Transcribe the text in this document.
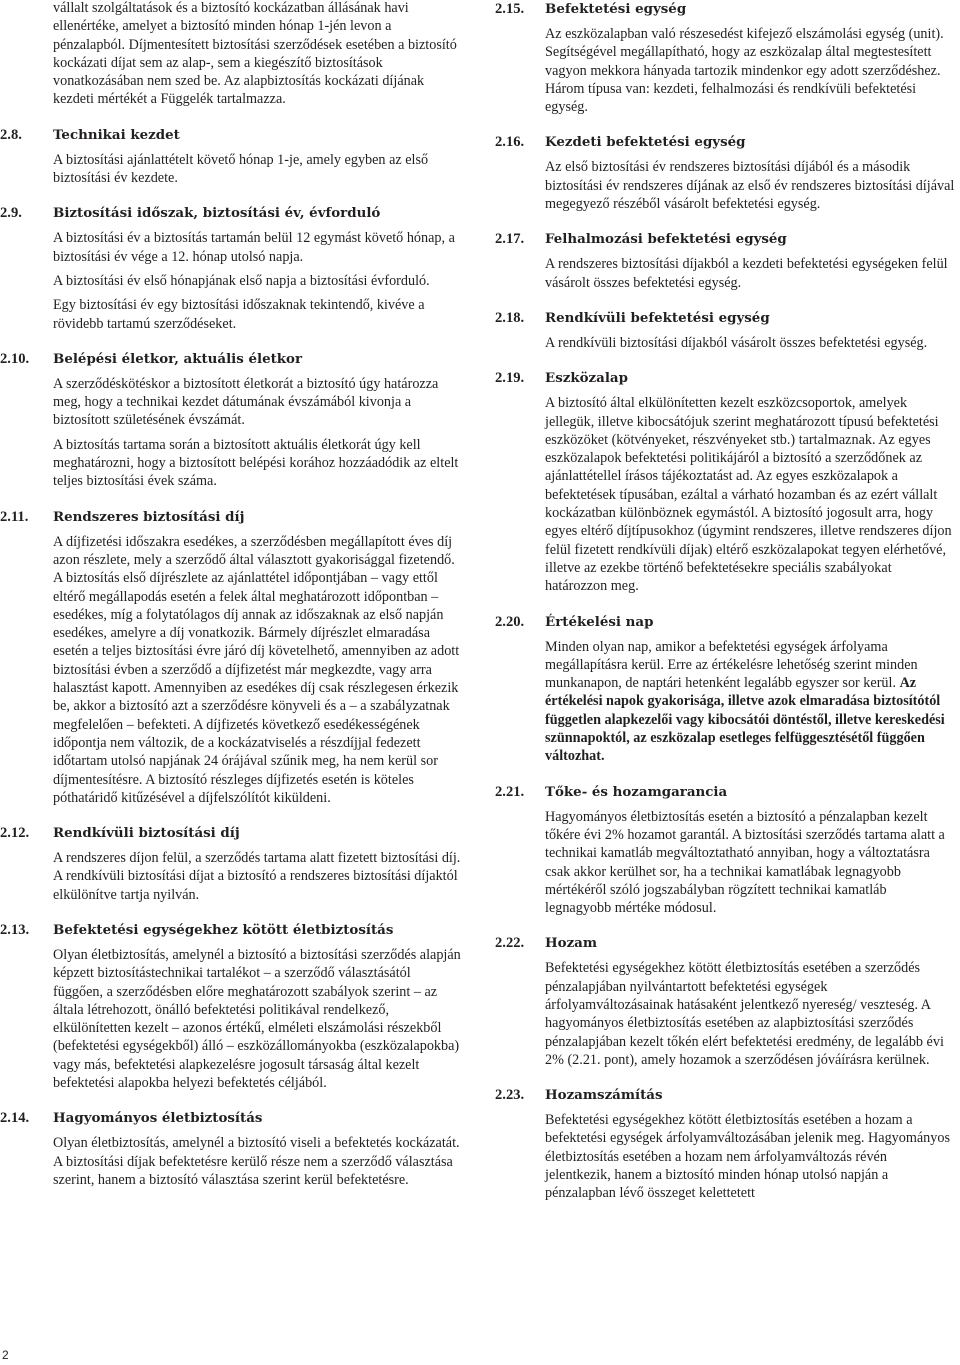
vállalt szolgáltatások és a biztosító kockázatban állásának havi ellenértéke, amelyet a biztosító minden hónap 1-jén levon a pénzalapból. Díjmentesített biztosítási szerződések esetében a biztosító kockázati díjat sem az alap-, sem a kiegészítő biztosítások vonatkozásában nem szed be. Az alapbiztosítás kockázati díjának kezdeti mértékét a Függelék tartalmazza.

2.8.	Technikai kezdet

A biztosítási ajánlattételt követő hónap 1-je, amely egyben az első biztosítási év kezdete.

2.9.	Biztosítási időszak, biztosítási év, évforduló

A biztosítási év a biztosítás tartamán belül 12 egymást követő hónap, a biztosítási év vége a 12. hónap utolsó napja.

A biztosítási év első hónapjának első napja a biztosítási évforduló.

Egy biztosítási év egy biztosítási időszaknak tekintendő, kivéve a rövidebb tartamú szerződéseket.

2.10.	Belépési életkor, aktuális életkor

A szerződéskötéskor a biztosított életkorát a biztosító úgy határozza meg, hogy a technikai kezdet dátumának évszámából kivonja a biztosított születésének évszámát.

A biztosítás tartama során a biztosított aktuális életkorát úgy kell meghatározni, hogy a biztosított belépési korához hozzáadódik az eltelt teljes biztosítási évek száma.

2.11.	Rendszeres biztosítási díj

A díjfizetési időszakra esedékes, a szerződésben megállapított éves díj azon részlete, mely a szerződő által választott gyakorisággal fizetendő. A biztosítás első díjrészlete az ajánlattétel időpontjában – vagy ettől eltérő megállapodás esetén a felek által meghatározott időpontban – esedékes, míg a folytatólagos díj annak az időszaknak az első napján esedékes, amelyre a díj vonatkozik. Bármely díjrészlet elmaradása esetén a teljes biztosítási évre járó díj követelhető, amennyiben az adott biztosítási évben a szerződő a díjfizetést már megkezdte, vagy arra halasztást kapott. Amennyiben az esedékes díj csak részlegesen érkezik be, akkor a biztosító azt a szerződésre könyveli és a – a szabályzatnak megfelelően – befekteti. A díjfizetés következő esedékességének időpontja nem változik, de a kockázatviselés a részdíjjal fedezett időtartam utolsó napjának 24 órájával szűnik meg, ha nem kerül sor díjmentesítésre. A biztosító részleges díjfizetés esetén is köteles póthatáridő kitűzésével a díjfelszólítót kiküldeni.

2.12.	Rendkívüli biztosítási díj

A rendszeres díjon felül, a szerződés tartama alatt fizetett biztosítási díj. A rendkívüli biztosítási díjat a biztosító a rendszeres biztosítási díjaktól elkülönítve tartja nyilván.

2.13.	Befektetési egységekhez kötött életbiztosítás

Olyan életbiztosítás, amelynél a biztosító a biztosítási szerződés alapján képzett biztosítástechnikai tartalékot – a szerződő választásától függően, a szerződésben előre meghatározott szabályok szerint – az általa létrehozott, önálló befektetési politikával rendelkező, elkülönítetten kezelt – azonos értékű, elméleti elszámolási részekből (befektetési egységekből) álló – eszközállományokba (eszközalapokba) vagy más, befektetési alapkezelésre jogosult társaság által kezelt befektetési alapokba helyezi befektetés céljából.

2.14.	Hagyományos életbiztosítás

Olyan életbiztosítás, amelynél a biztosító viseli a befektetés kockázatát. A biztosítási díjak befektetésre kerülő része nem a szerződő választása szerint, hanem a biztosító választása szerint kerül befektetésre.

2.15.	Befektetési egység

Az eszközalapban való részesedést kifejező elszámolási egység (unit). Segítségével megállapítható, hogy az eszközalap által megtestesített vagyon mekkora hányada tartozik mindenkor egy adott szerződéshez. Három típusa van: kezdeti, felhalmozási és rendkívüli befektetési egység.

2.16.	Kezdeti befektetési egység

Az első biztosítási év rendszeres biztosítási díjából és a második biztosítási év rendszeres díjának az első év rendszeres biztosítási díjával megegyező részéből vásárolt befektetési egység.

2.17.	Felhalmozási befektetési egység

A rendszeres biztosítási díjakból a kezdeti befektetési egységeken felül vásárolt összes befektetési egység.

2.18.	Rendkívüli befektetési egység

A rendkívüli biztosítási díjakból vásárolt összes befektetési egység.

2.19.	Eszközalap

A biztosító által elkülönítetten kezelt eszközcsoportok, amelyek jellegük, illetve kibocsátójuk szerint meghatározott típusú befektetési eszközöket (kötvényeket, részvényeket stb.) tartalmaznak. Az egyes eszközalapok befektetési politikájáról a biztosító a szerződőnek az ajánlattétellel írásos tájékoztatást ad. Az egyes eszközalapok a befektetések típusában, ezáltal a várható hozamban és az ezért vállalt kockázatban különböznek egymástól. A biztosító jogosult arra, hogy egyes eltérő díjtípusokhoz (úgymint rendszeres, illetve rendszeres díjon felül fizetett rendkívüli díjak) eltérő eszközalapokat tegyen elérhetővé, illetve az ezekbe történő befektetésekre speciális szabályokat határozzon meg.

2.20.	Értékelési nap

Minden olyan nap, amikor a befektetési egységek árfolyama megállapításra kerül. Erre az értékelésre lehetőség szerint minden munkanapon, de naptári hetenként legalább egyszer sor kerül. Az értékelési napok gyakorisága, illetve azok elmaradása biztosítótól független alapkezelői vagy kibocsátói döntéstől, illetve kereskedési szünnapoktól, az eszközalap esetleges felfüggesztésétől függően változhat.

2.21.	Tőke- és hozamgarancia

Hagyományos életbiztosítás esetén a biztosító a pénzalapban kezelt tőkére évi 2% hozamot garantál. A biztosítási szerződés tartama alatt a technikai kamatláb megváltoztatható annyiban, hogy a változtatásra csak akkor kerülhet sor, ha a technikai kamatlábak legnagyobb mértékéről szóló jogszabályban rögzített technikai kamatláb legnagyobb mértéke módosul.

2.22.	Hozam

Befektetési egységekhez kötött életbiztosítás esetében a szerződés pénzalapjában nyilvántartott befektetési egységek árfolyamváltozásainak hatásaként jelentkező nyereség/ veszteség. A hagyományos életbiztosítás esetében az alapbiztosítási szerződés pénzalapjában kezelt tőkén elért befektetési eredmény, de legalább évi 2% (2.21. pont), amely hozamok a szerződésen jóváírásra kerülnek.

2.23.	Hozamszámítás

Befektetési egységekhez kötött életbiztosítás esetében a hozam a befektetési egységek árfolyamváltozásában jelenik meg. Hagyományos életbiztosítás esetében a hozam nem árfolyamváltozás révén jelentkezik, hanem a biztosító minden hónap utolsó napján a pénzalapban lévő összeget kelettetett

2
